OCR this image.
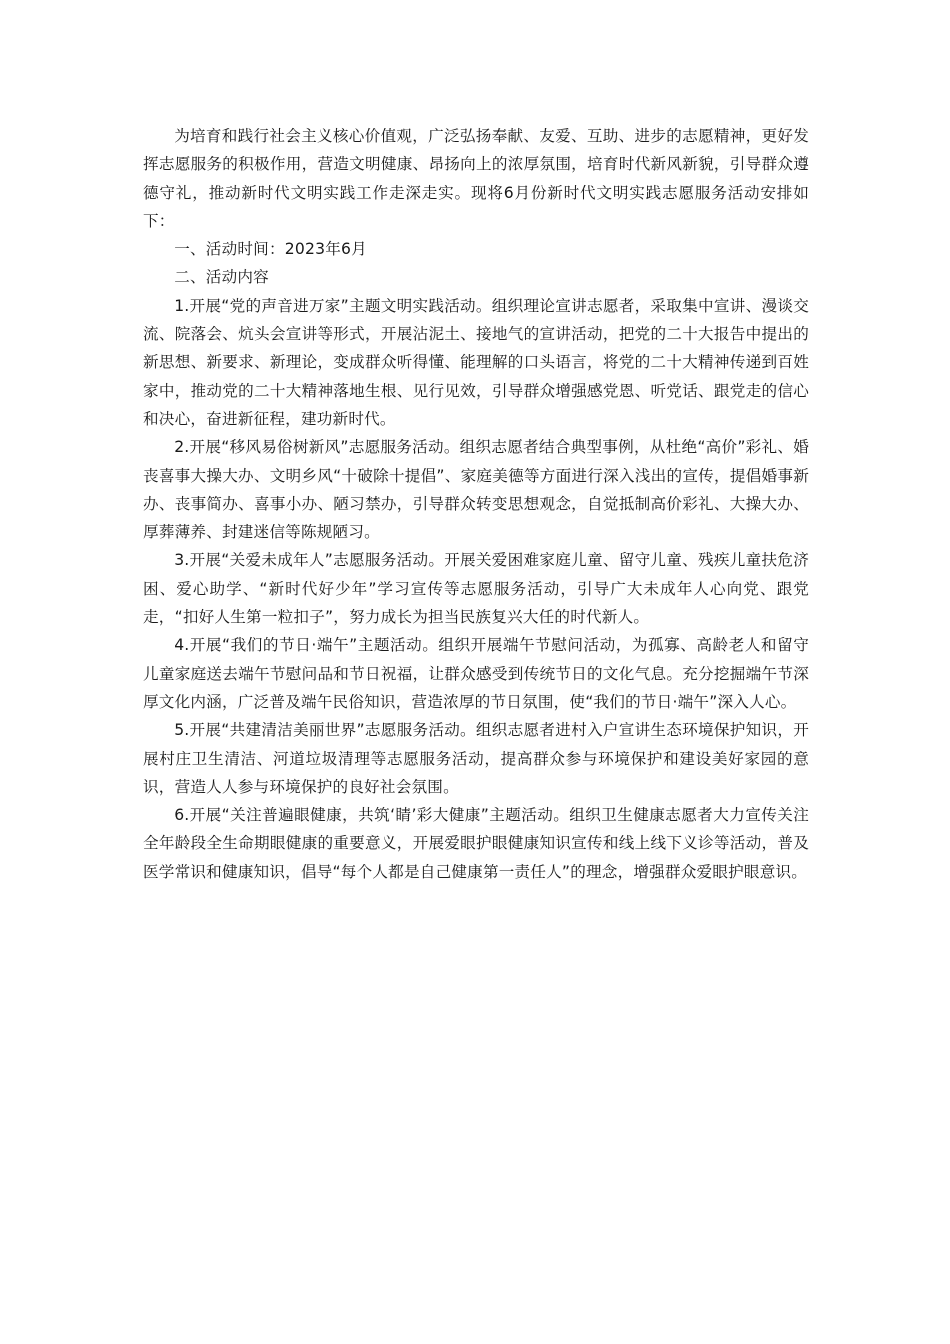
为培育和践行社会主义核心价值观，广泛弘扬奉献、友爱、互助、进步的志愿精神，更好发挥志愿服务的积极作用，营造文明健康、昂扬向上的浓厚氛围，培育时代新风新貌，引导群众遵德守礼，推动新时代文明实践工作走深走实。现将6月份新时代文明实践志愿服务活动安排如下：

一、活动时间：2023年6月

二、活动内容

1.开展“党的声音进万家”主题文明实践活动。组织理论宣讲志愿者，采取集中宣讲、漫谈交流、院落会、炕头会宣讲等形式，开展沾泥土、接地气的宣讲活动，把党的二十大报告中提出的新思想、新要求、新理论，变成群众听得懂、能理解的口头语言，将党的二十大精神传递到百姓家中，推动党的二十大精神落地生根、见行见效，引导群众增强感党恩、听党话、跟党走的信心和决心，奋进新征程，建功新时代。

2.开展“移风易俗树新风”志愿服务活动。组织志愿者结合典型事例，从杜绝“高价”彩礼、婚丧喜事大操大办、文明乡风“十破除十提倡”、家庭美德等方面进行深入浅出的宣传，提倡婚事新办、丧事简办、喜事小办、陋习禁办，引导群众转变思想观念，自觉抵制高价彩礼、大操大办、厚葬薄养、封建迷信等陈规陋习。

3.开展“关爱未成年人”志愿服务活动。开展关爱困难家庭儿童、留守儿童、残疾儿童扶危济困、爱心助学、“新时代好少年”学习宣传等志愿服务活动，引导广大未成年人心向党、跟党走，“扣好人生第一粒扣子”，努力成长为担当民族复兴大任的时代新人。

4.开展“我们的节日·端午”主题活动。组织开展端午节慰问活动，为孤寡、高龄老人和留守儿童家庭送去端午节慰问品和节日祝福，让群众感受到传统节日的文化气息。充分挖掘端午节深厚文化内涵，广泛普及端午民俗知识，营造浓厚的节日氛围，使“我们的节日·端午”深入人心。

5.开展“共建清洁美丽世界”志愿服务活动。组织志愿者进村入户宣讲生态环境保护知识，开展村庄卫生清洁、河道垃圾清理等志愿服务活动，提高群众参与环境保护和建设美好家园的意识，营造人人参与环境保护的良好社会氛围。

6.开展“关注普遍眼健康，共筑‘睛’彩大健康”主题活动。组织卫生健康志愿者大力宣传关注全年龄段全生命期眼健康的重要意义，开展爱眼护眼健康知识宣传和线上线下义诊等活动，普及医学常识和健康知识，倡导“每个人都是自己健康第一责任人”的理念，增强群众爱眼护眼意识。
